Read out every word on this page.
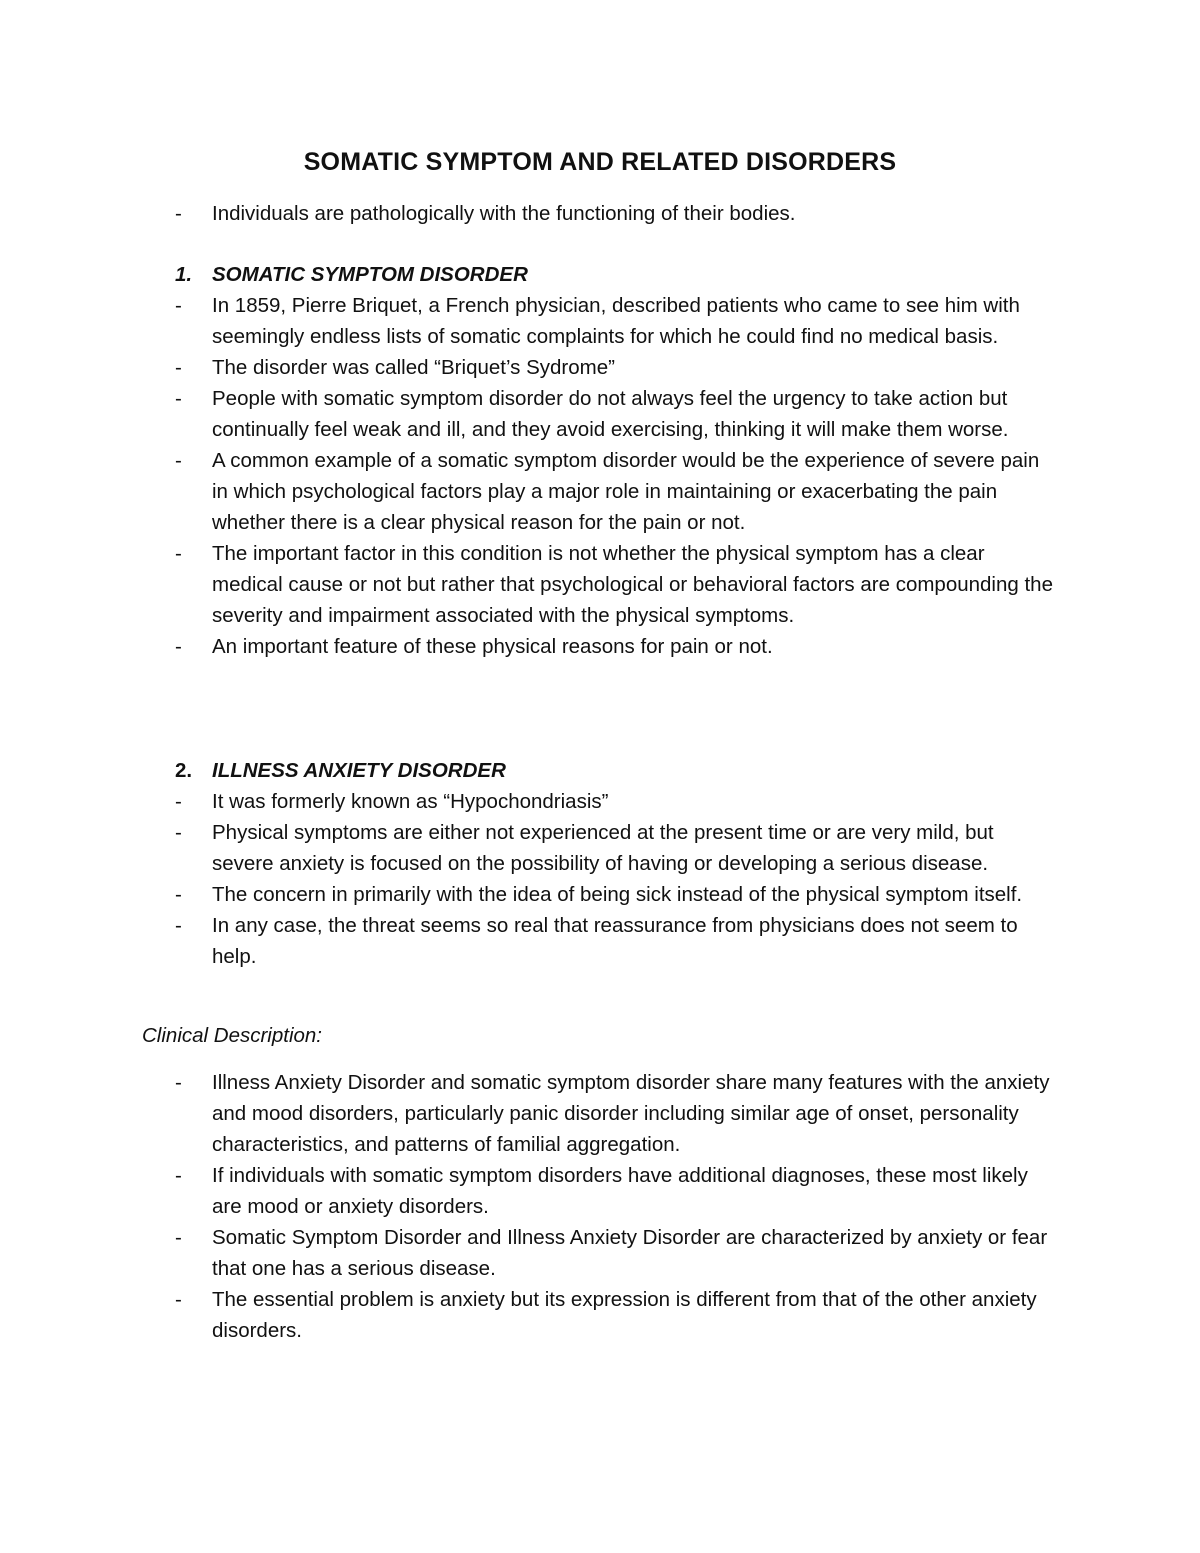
SOMATIC SYMPTOM AND RELATED DISORDERS
- Individuals are pathologically with the functioning of their bodies.
1. SOMATIC SYMPTOM DISORDER
- In 1859, Pierre Briquet, a French physician, described patients who came to see him with seemingly endless lists of somatic complaints for which he could find no medical basis.
- The disorder was called “Briquet’s Sydrome”
- People with somatic symptom disorder do not always feel the urgency to take action but continually feel weak and ill, and they avoid exercising, thinking it will make them worse.
- A common example of a somatic symptom disorder would be the experience of severe pain in which psychological factors play a major role in maintaining or exacerbating the pain whether there is a clear physical reason for the pain or not.
- The important factor in this condition is not whether the physical symptom has a clear medical cause or not but rather that psychological or behavioral factors are compounding the severity and impairment associated with the physical symptoms.
- An important feature of these physical reasons for pain or not.
2. ILLNESS ANXIETY DISORDER
- It was formerly known as “Hypochondriasis”
- Physical symptoms are either not experienced at the present time or are very mild, but severe anxiety is focused on the possibility of having or developing a serious disease.
- The concern in primarily with the idea of being sick instead of the physical symptom itself.
- In any case, the threat seems so real that reassurance from physicians does not seem to help.
Clinical Description:
- Illness Anxiety Disorder and somatic symptom disorder share many features with the anxiety and mood disorders, particularly panic disorder including similar age of onset, personality characteristics, and patterns of familial aggregation.
- If individuals with somatic symptom disorders have additional diagnoses, these most likely are mood or anxiety disorders.
- Somatic Symptom Disorder and Illness Anxiety Disorder are characterized by anxiety or fear that one has a serious disease.
- The essential problem is anxiety but its expression is different from that of the other anxiety disorders.
